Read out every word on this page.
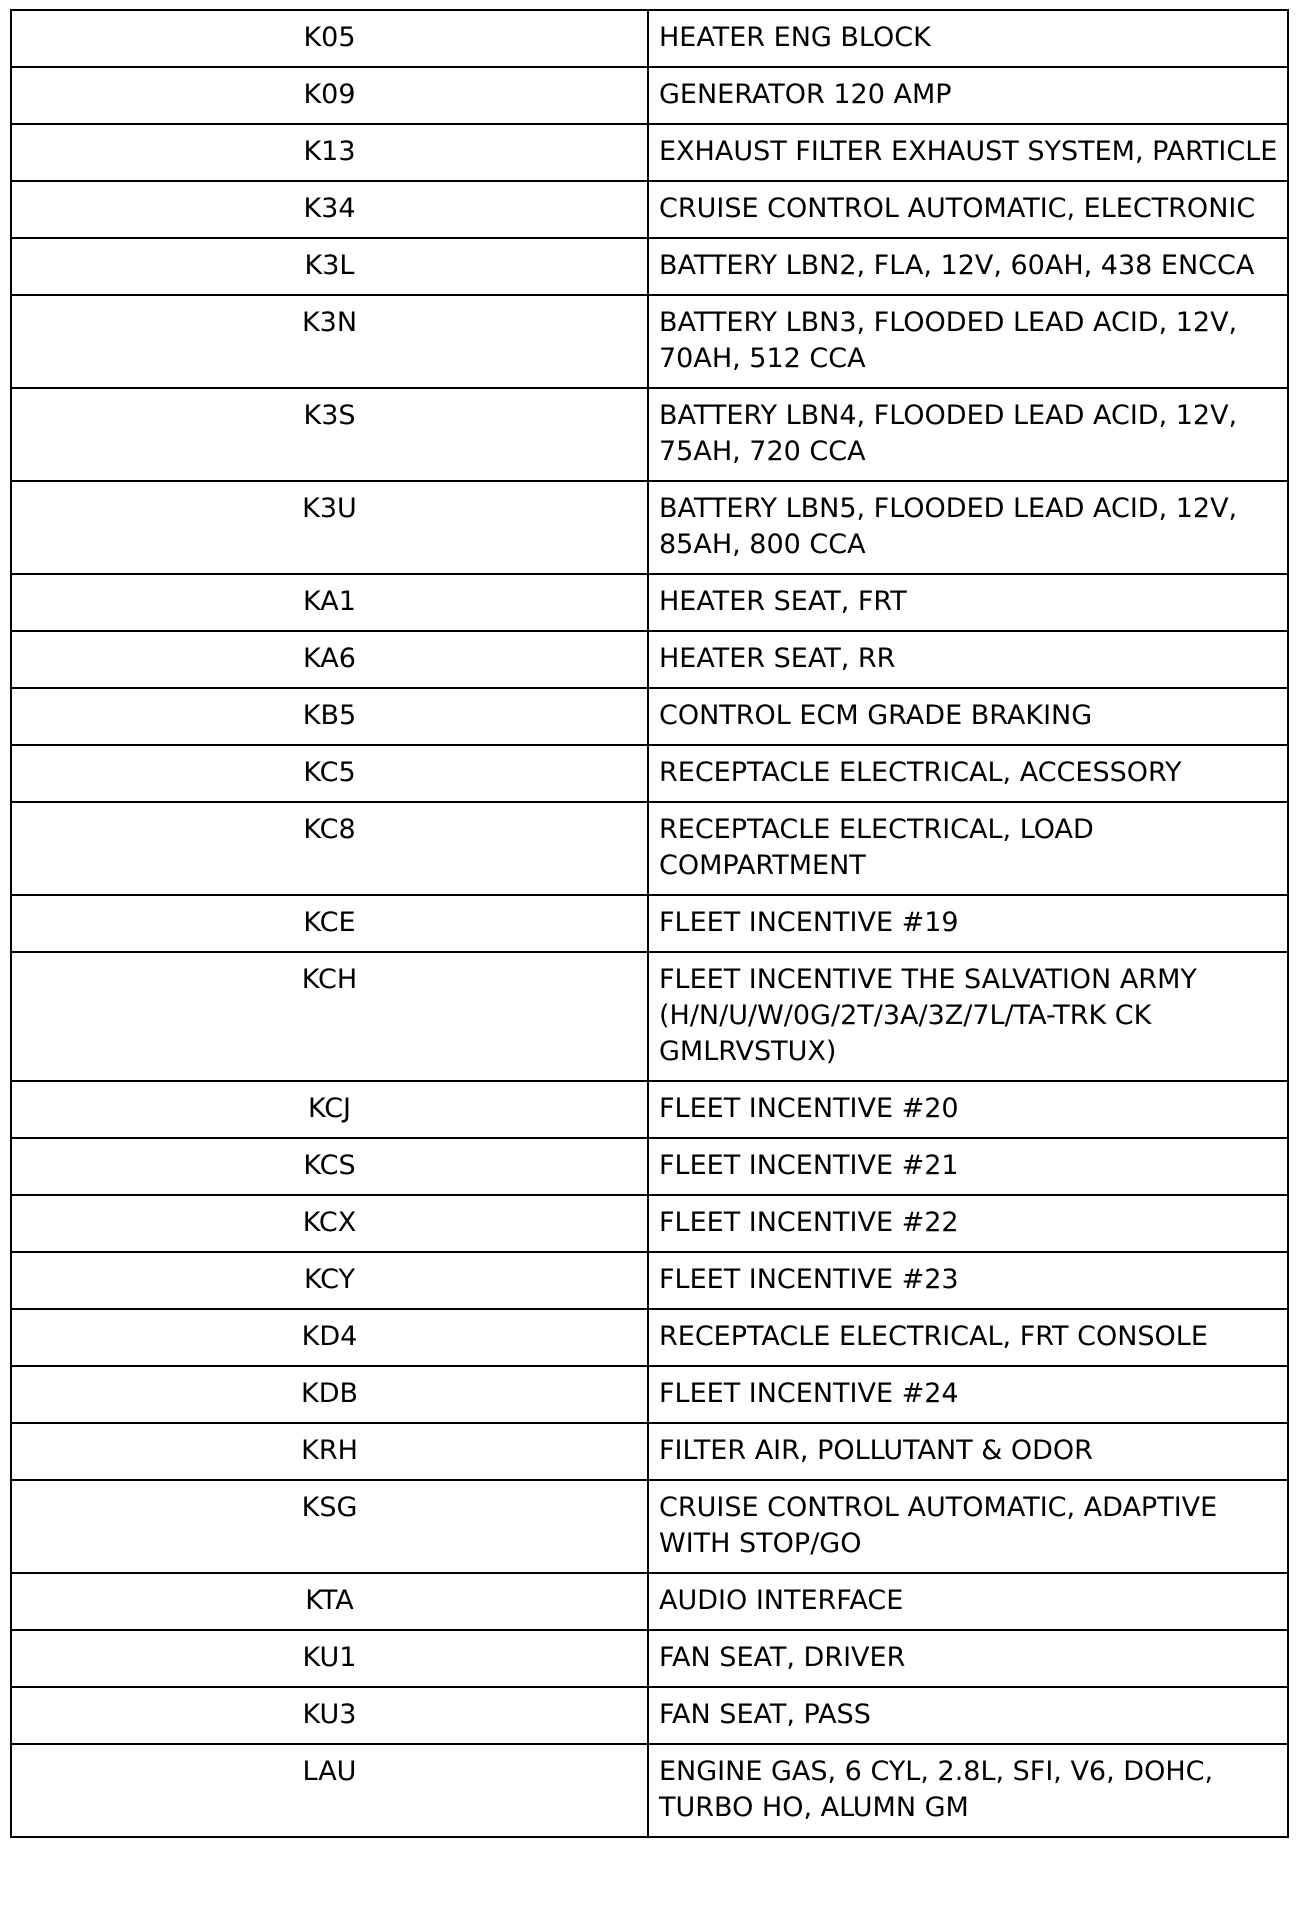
K05	HEATER ENG BLOCK
K09	GENERATOR 120 AMP
K13	EXHAUST FILTER EXHAUST SYSTEM, PARTICLE
K34	CRUISE CONTROL AUTOMATIC, ELECTRONIC
K3L	BATTERY LBN2, FLA, 12V, 60AH, 438 ENCCA
K3N	BATTERY LBN3, FLOODED LEAD ACID, 12V, 70AH, 512 CCA
K3S	BATTERY LBN4, FLOODED LEAD ACID, 12V, 75AH, 720 CCA
K3U	BATTERY LBN5, FLOODED LEAD ACID, 12V, 85AH, 800 CCA
KA1	HEATER SEAT, FRT
KA6	HEATER SEAT, RR
KB5	CONTROL ECM GRADE BRAKING
KC5	RECEPTACLE ELECTRICAL, ACCESSORY
KC8	RECEPTACLE ELECTRICAL, LOAD COMPARTMENT
KCE	FLEET INCENTIVE #19
KCH	FLEET INCENTIVE THE SALVATION ARMY (H/N/U/W/0G/2T/3A/3Z/7L/TA-TRK CK GMLRVSTUX)
KCJ	FLEET INCENTIVE #20
KCS	FLEET INCENTIVE #21
KCX	FLEET INCENTIVE #22
KCY	FLEET INCENTIVE #23
KD4	RECEPTACLE ELECTRICAL, FRT CONSOLE
KDB	FLEET INCENTIVE #24
KRH	FILTER AIR, POLLUTANT & ODOR
KSG	CRUISE CONTROL AUTOMATIC, ADAPTIVE WITH STOP/GO
KTA	AUDIO INTERFACE
KU1	FAN SEAT, DRIVER
KU3	FAN SEAT, PASS
LAU	ENGINE GAS, 6 CYL, 2.8L, SFI, V6, DOHC, TURBO HO, ALUMN GM
